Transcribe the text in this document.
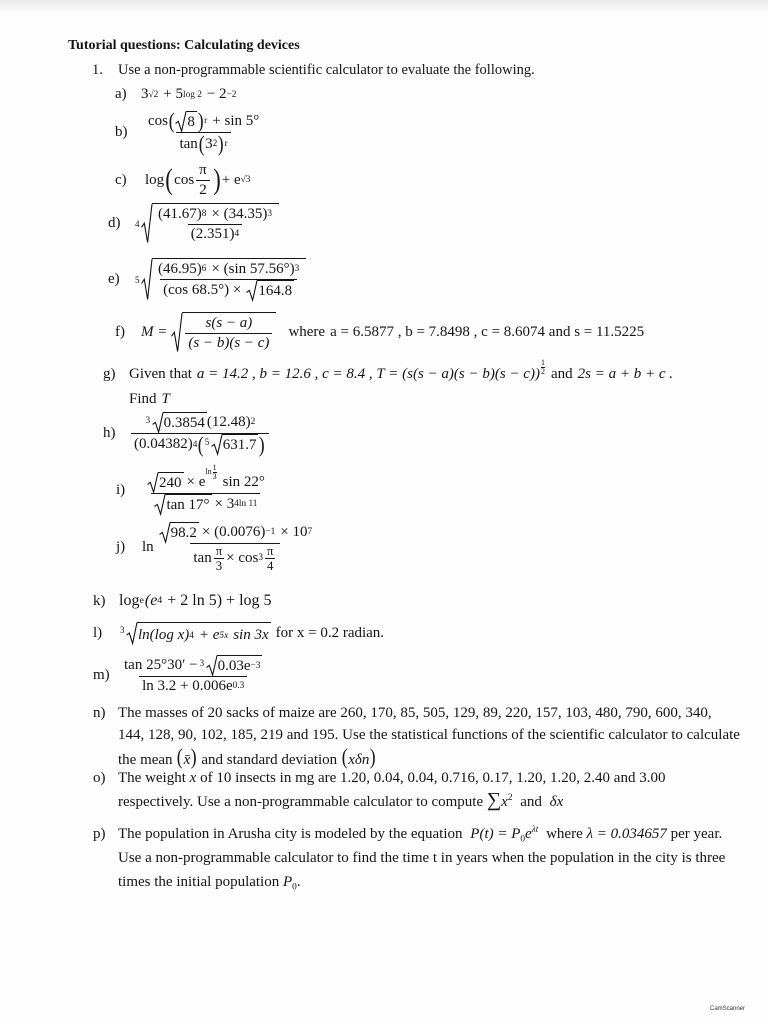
Tutorial questions: Calculating devices
1. Use a non-programmable scientific calculator to evaluate the following.
a) 3 √2 + 5 log 2 − 2 −2
b)	$\frac{\cos ( 8 ) r + \sin 5^\circ}{\tan ( 3 2 ) r}$
c)	log ( $\cos \frac{\pi}{2}$ ) + e √3
d)	$4 \frac{(41.67) 8 \times (34.35) 3}{(2.351) 4}$
e)	5 (46.95) 6 × (sin 57.56°) 3
(cos 68.5°) ×	164.8
f)	$M = \frac{s(s - a)}{(s - b)(s - c)}$ where a = 6.5877 , b = 7.8498 , c = 8.6074 and s = 11.5225
g) Given that a = 14.2 , b = 12.6 , c = 8.4 , $T = (s(s - a)(s - b)(s - c)) \frac{1}{2}$ and 2s = a + b + c .
Find T
h)
3 0.3854 (12.48) 2
(0.04382) 4 ( 5 631.7 )
i)	240 × e
$\ln \frac{1}{3}$
sin 22°
tan 17° × 3 4ln 11
j)	ln
98.2 × (0.0076) −1 × 10 7
$\tan \frac{\pi}{3} \times \cos 3 \frac{\pi}{4}$
k) log e (e 4 + 2 ln 5) + log 5
l)	3 ln(log x) 4 + e 5x sin 3x for x = 0.2 radian.
m)
tan 25°30′ − 3 0.03e −3
ln 3.2 + 0.006e 0.3
n) The masses of 20 sacks of maize are 260, 170, 85, 505, 129, 89, 220, 157, 103, 480, 790, 600, 340, 144, 128, 90, 102, 185, 219 and 195. Use the statistical functions of the scientific calculator to calculate the mean (x̄) and standard deviation (xδn)
o) The weight x of 10 insects in mg are 1.20, 0.04, 0.04, 0.716, 0.17, 1.20, 1.20, 2.40 and 3.00 respectively. Use a non-programmable calculator to compute $\sum x^2$ and δx
p) The population in Arusha city is modeled by the equation $P(t) = P_0e^{\lambda t}$ where λ = 0.034657 per year. Use a non-programmable calculator to find the time t in years when the population in the city is three times the initial population $P_0$.
CamScanner
